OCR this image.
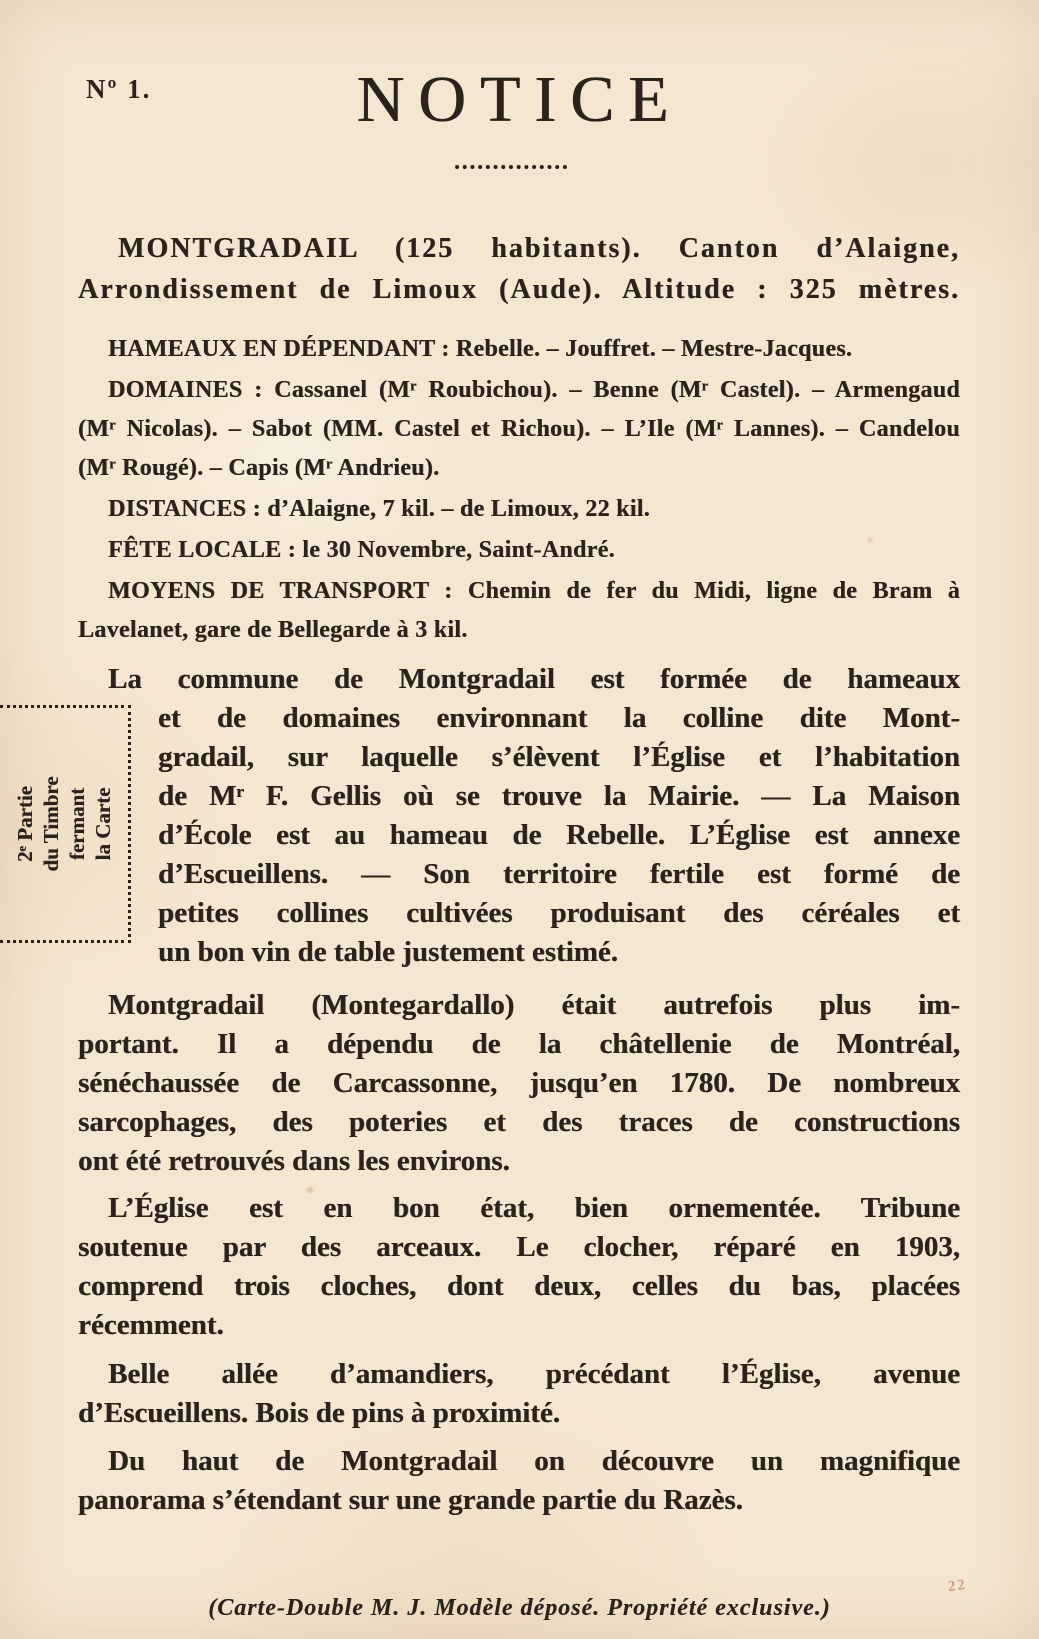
Nº 1.	NOTICE
2ᵉ Partie du Timbre fermant la Carte
MONTGRADAIL (125 habitants). Canton d’Alaigne,
Arrondissement de Limoux (Aude). Altitude : 325 mètres.
HAMEAUX EN DÉPENDANT : Rebelle. – Jouffret. – Mestre-Jacques.
DOMAINES : Cassanel (Mʳ Roubichou). – Benne (Mʳ Castel). – Armengaud
(Mʳ Nicolas). – Sabot (MM. Castel et Richou). – L’Ile (Mʳ Lannes). – Candelou
(Mʳ Rougé). – Capis (Mʳ Andrieu).
DISTANCES : d’Alaigne, 7 kil. – de Limoux, 22 kil.
FÊTE LOCALE : le 30 Novembre, Saint-André.
MOYENS DE TRANSPORT : Chemin de fer du Midi, ligne de Bram à
Lavelanet, gare de Bellegarde à 3 kil.
La commune de Montgradail est formée de hameaux
et de domaines environnant la colline dite Mont-
gradail, sur laquelle s’élèvent l’Église et l’habitation
de Mʳ F. Gellis où se trouve la Mairie. — La Maison
d’École est au hameau de Rebelle. L’Église est annexe
d’Escueillens. — Son territoire fertile est formé de
petites collines cultivées produisant des céréales et
un bon vin de table justement estimé.
Montgradail (Montegardallo) était autrefois plus im-
portant. Il a dépendu de la châtellenie de Montréal,
sénéchaussée de Carcassonne, jusqu’en 1780. De nombreux
sarcophages, des poteries et des traces de constructions
ont été retrouvés dans les environs.
L’Église est en bon état, bien ornementée. Tribune
soutenue par des arceaux. Le clocher, réparé en 1903,
comprend trois cloches, dont deux, celles du bas, placées
récemment.
Belle allée d’amandiers, précédant l’Église, avenue
d’Escueillens. Bois de pins à proximité.
Du haut de Montgradail on découvre un magnifique
panorama s’étendant sur une grande partie du Razès.
(Carte-Double M. J. Modèle déposé. Propriété exclusive.)
22
